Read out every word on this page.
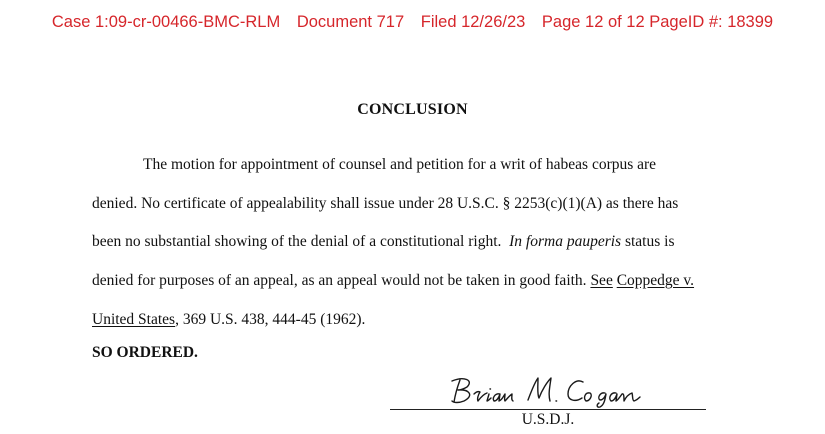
Case 1:09-cr-00466-BMC-RLM Document 717 Filed 12/26/23 Page 12 of 12 PageID #: 18399
CONCLUSION
The motion for appointment of counsel and petition for a writ of habeas corpus are
denied. No certificate of appealability shall issue under 28 U.S.C. § 2253(c)(1)(A) as there has
been no substantial showing of the denial of a constitutional right. In forma pauperis status is
denied for purposes of an appeal, as an appeal would not be taken in good faith. See Coppedge v.
United States, 369 U.S. 438, 444-45 (1962).
SO ORDERED.
U.S.D.J.
